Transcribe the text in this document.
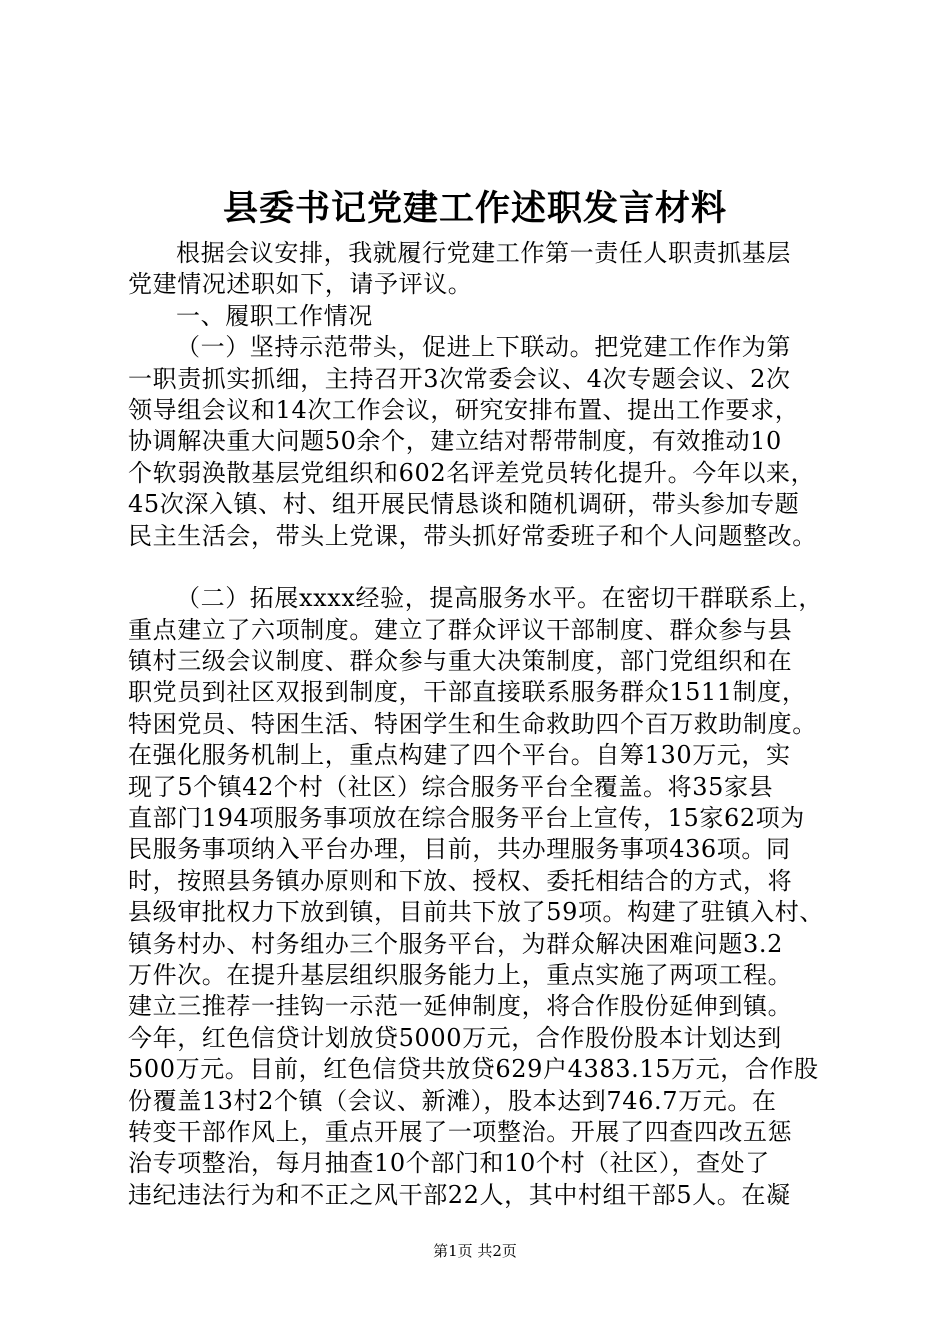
县委书记党建工作述职发言材料
根据会议安排，我就履行党建工作第一责任人职责抓基层
党建情况述职如下，请予评议。
一、履职工作情况
（一）坚持示范带头，促进上下联动。把党建工作作为第
一职责抓实抓细，主持召开3次常委会议、4次专题会议、2次
领导组会议和14次工作会议，研究安排布置、提出工作要求，
协调解决重大问题50余个，建立结对帮带制度，有效推动10
个软弱涣散基层党组织和602名评差党员转化提升。今年以来，
45次深入镇、村、组开展民情恳谈和随机调研，带头参加专题
民主生活会，带头上党课，带头抓好常委班子和个人问题整改。
（二）拓展xxxx经验，提高服务水平。在密切干群联系上，
重点建立了六项制度。建立了群众评议干部制度、群众参与县
镇村三级会议制度、群众参与重大决策制度，部门党组织和在
职党员到社区双报到制度，干部直接联系服务群众1511制度，
特困党员、特困生活、特困学生和生命救助四个百万救助制度。
在强化服务机制上，重点构建了四个平台。自筹130万元，实
现了5个镇42个村（社区）综合服务平台全覆盖。将35家县
直部门194项服务事项放在综合服务平台上宣传，15家62项为
民服务事项纳入平台办理，目前，共办理服务事项436项。同
时，按照县务镇办原则和下放、授权、委托相结合的方式，将
县级审批权力下放到镇，目前共下放了59项。构建了驻镇入村、
镇务村办、村务组办三个服务平台，为群众解决困难问题3.2
万件次。在提升基层组织服务能力上，重点实施了两项工程。
建立三推荐一挂钩一示范一延伸制度，将合作股份延伸到镇。
今年，红色信贷计划放贷5000万元，合作股份股本计划达到
500万元。目前，红色信贷共放贷629户4383.15万元，合作股
份覆盖13村2个镇（会议、新滩），股本达到746.7万元。在
转变干部作风上，重点开展了一项整治。开展了四查四改五惩
治专项整治，每月抽查10个部门和10个村（社区），查处了
违纪违法行为和不正之风干部22人，其中村组干部5人。在凝
第1页 共2页
